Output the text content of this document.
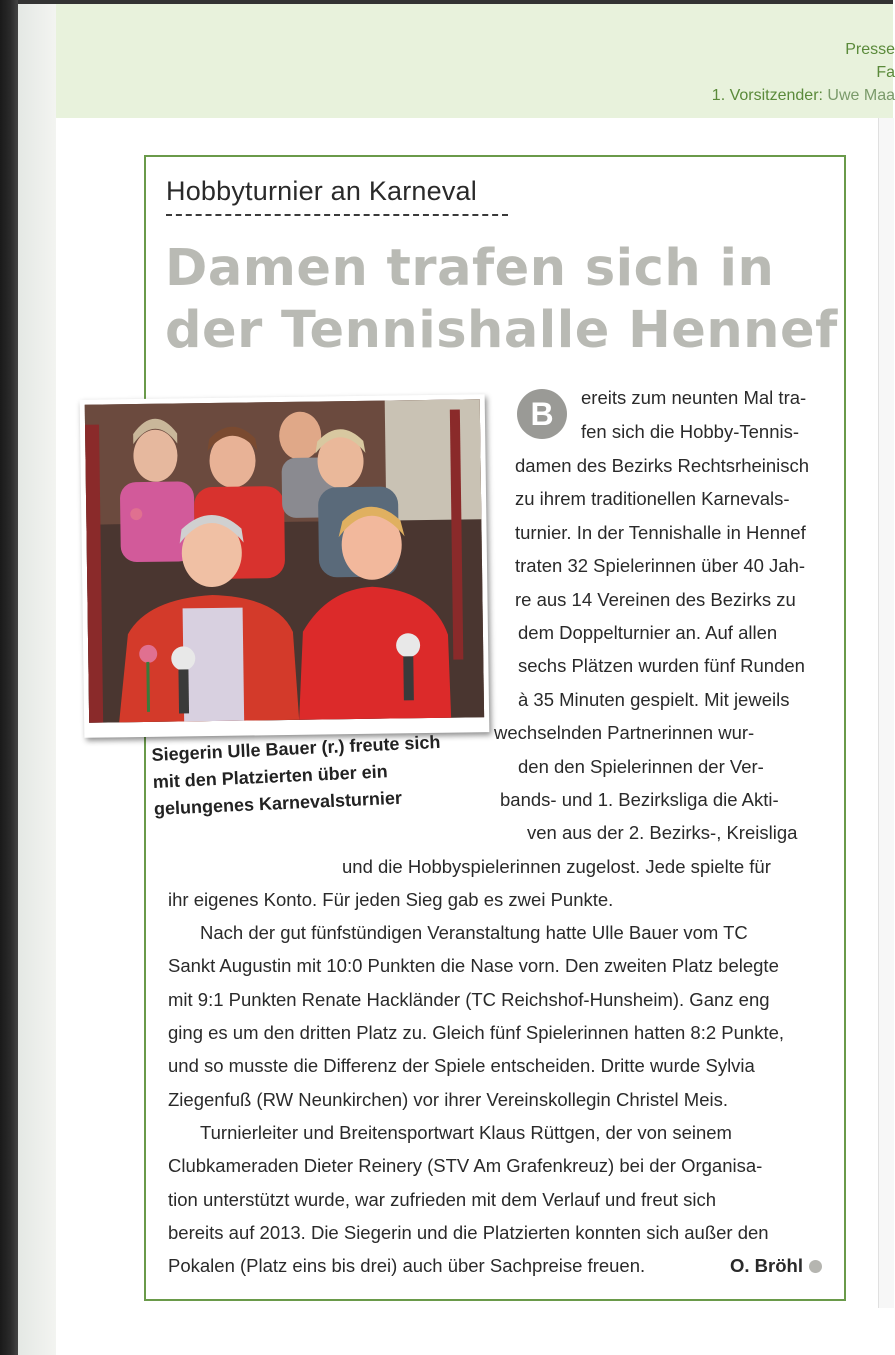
Presse
Fa
1. Vorsitzender: Uwe Maa
Hobbyturnier an Karneval
Damen trafen sich in
der Tennishalle Hennef
Siegerin Ulle Bauer (r.) freute sich
mit den Platzierten über ein
gelungenes Karnevalsturnier
B	ereits zum neunten Mal tra-
fen sich die Hobby-Tennis-
damen des Bezirks Rechtsrheinisch
zu ihrem traditionellen Karnevals-
turnier. In der Tennishalle in Hennef
traten 32 Spielerinnen über 40 Jah-
re aus 14 Vereinen des Bezirks zu
dem Doppelturnier an. Auf allen
sechs Plätzen wurden fünf Runden
à 35 Minuten gespielt. Mit jeweils
wechselnden Partnerinnen wur-
den den Spielerinnen der Ver-
bands- und 1. Bezirksliga die Akti-
ven aus der 2. Bezirks-, Kreisliga
und die Hobbyspielerinnen zugelost. Jede spielte für
ihr eigenes Konto. Für jeden Sieg gab es zwei Punkte.
Nach der gut fünfstündigen Veranstaltung hatte Ulle Bauer vom TC
Sankt Augustin mit 10:0 Punkten die Nase vorn. Den zweiten Platz belegte
mit 9:1 Punkten Renate Hackländer (TC Reichshof-Hunsheim). Ganz eng
ging es um den dritten Platz zu. Gleich fünf Spielerinnen hatten 8:2 Punkte,
und so musste die Differenz der Spiele entscheiden. Dritte wurde Sylvia
Ziegenfuß (RW Neunkirchen) vor ihrer Vereinskollegin Christel Meis.
Turnierleiter und Breitensportwart Klaus Rüttgen, der von seinem
Clubkameraden Dieter Reinery (STV Am Grafenkreuz) bei der Organisa-
tion unterstützt wurde, war zufrieden mit dem Verlauf und freut sich
bereits auf 2013. Die Siegerin und die Platzierten konnten sich außer den
Pokalen (Platz eins bis drei) auch über Sachpreise freuen.	O. Bröhl
